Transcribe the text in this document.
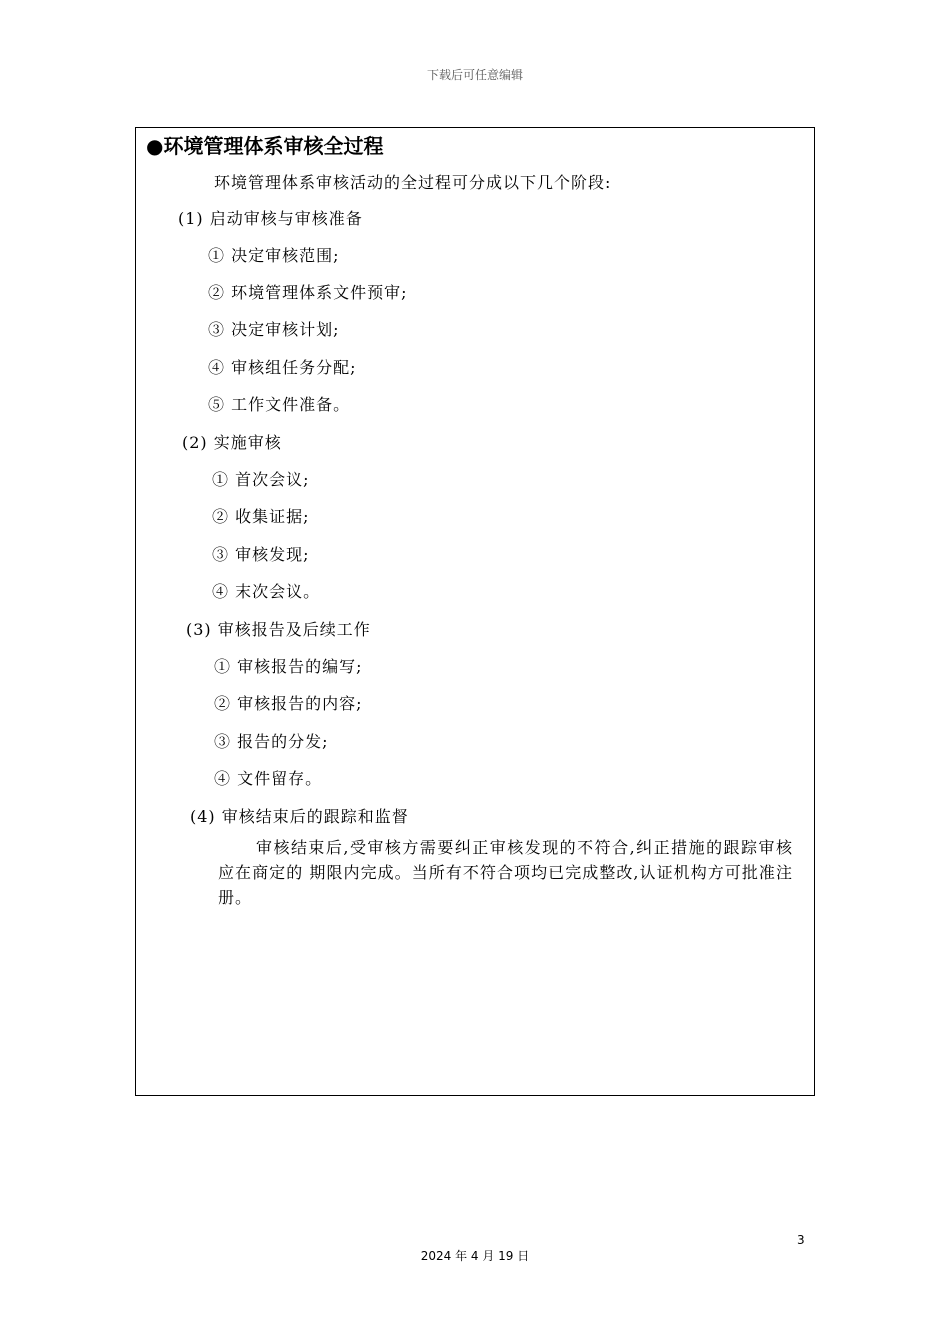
下载后可任意编辑
●环境管理体系审核全过程
环境管理体系审核活动的全过程可分成以下几个阶段:
(1) 启动审核与审核准备
① 决定审核范围;
② 环境管理体系文件预审;
③ 决定审核计划;
④ 审核组任务分配;
⑤ 工作文件准备。
(2) 实施审核
① 首次会议;
② 收集证据;
③ 审核发现;
④ 末次会议。
(3) 审核报告及后续工作
① 审核报告的编写;
② 审核报告的内容;
③ 报告的分发;
④ 文件留存。
(4) 审核结束后的跟踪和监督
审核结束后,受审核方需要纠正审核发现的不符合,纠正措施的跟踪审核应在商定的 期限内完成。当所有不符合项均已完成整改,认证机构方可批准注册。
3
2024 年 4 月 19 日
